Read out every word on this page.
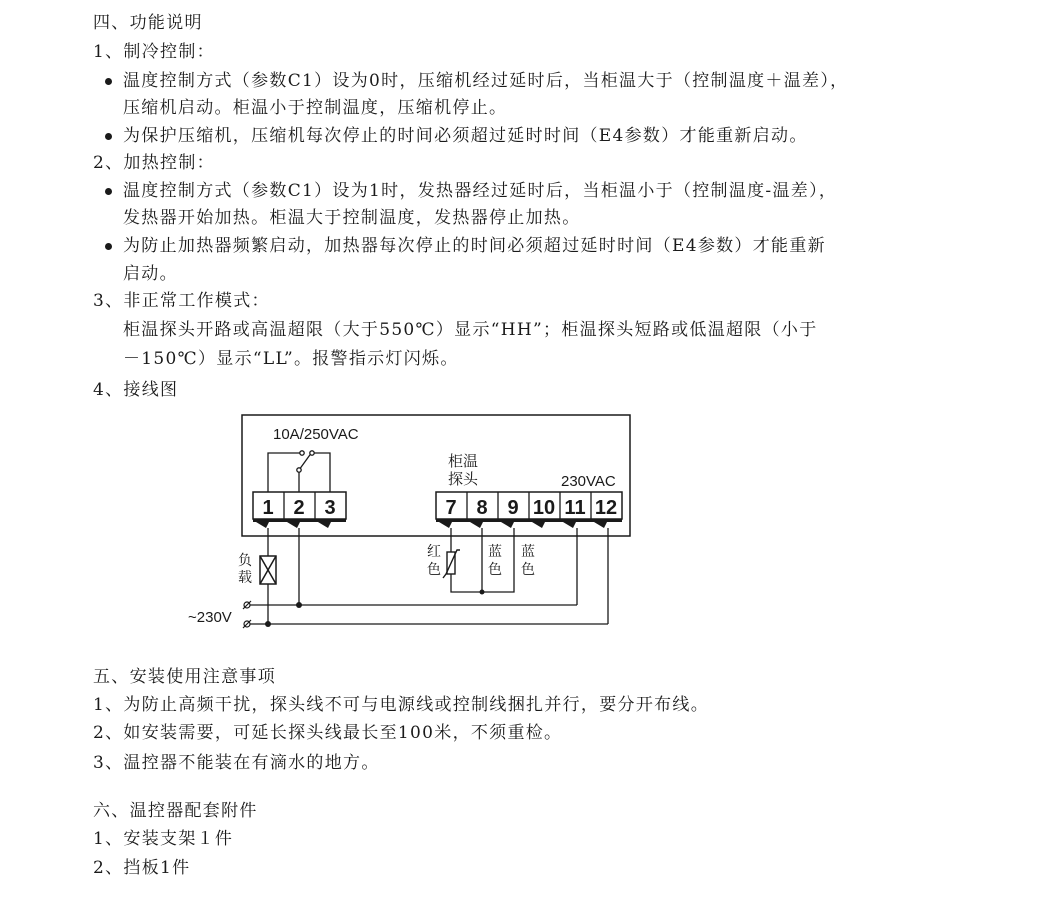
四、功能说明
1、制冷控制：
温度控制方式（参数C1）设为0时，压缩机经过延时后，当柜温大于（控制温度＋温差），
压缩机启动。柜温小于控制温度，压缩机停止。
为保护压缩机，压缩机每次停止的时间必须超过延时时间（E4参数）才能重新启动。
2、加热控制：
温度控制方式（参数C1）设为1时，发热器经过延时后，当柜温小于（控制温度-温差），
发热器开始加热。柜温大于控制温度，发热器停止加热。
为防止加热器频繁启动，加热器每次停止的时间必须超过延时时间（E4参数）才能重新
启动。
3、非正常工作模式：
柜温探头开路或高温超限（大于550℃）显示“HH”；柜温探头短路或低温超限（小于
－150℃）显示“LL”。报警指示灯闪烁。
4、接线图
10A/250VAC
柜温
探头	230VAC
1 2 3	7 8 9 10 11 12
负
载
~230V
红
色
蓝
色
蓝
色
五、安装使用注意事项
1、为防止高频干扰，探头线不可与电源线或控制线捆扎并行，要分开布线。
2、如安装需要，可延长探头线最长至100米，不须重检。
3、温控器不能装在有滴水的地方。
六、温控器配套附件
1、安装支架１件
2、挡板1件
